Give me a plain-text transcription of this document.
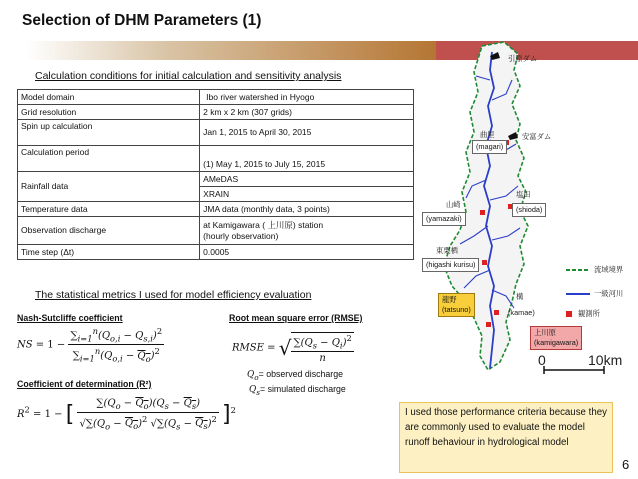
Selection of DHM Parameters (1)
Calculation conditions for initial calculation and sensitivity analysis
Model domain	Ibo river watershed in Hyogo
Grid resolution	2 km x 2 km (307 grids)
Spin up calculation	Jan 1, 2015 to April 30, 2015
Calculation period	(1) May 1, 2015 to July 15, 2015
Rainfall data	AMeDAS
	XRAIN
Temperature data	JMA data (monthly data, 3 points)
Observation discharge	at Kamigawara ( 上川原) station
(hourly observation)
Time step (Δt)	0.0005
The statistical metrics I used for model efficiency evaluation
Nash-Sutcliffe coefficient	Root mean square error (RMSE)
NS = $1 - \frac{\sum_{i=1}^n(Q_{o,i} - Q_{s,i})^2}{\sum_{i=1}^n(Q_{o,i} - Q_o)^2}$	RMSE = √ $\frac{\sum(Q_s - Q_i)^2}{n}$
Coefficient of determination (R²)
$R^2 = 1$ − [ $\frac{\sum(Q_o - Q_o)(Q_s - Q_s)}{√\sum(Q_o - Q_o)^2 √\sum(Q_s - Q_s)^2} ]^2$
$Q_o=$ observed discharge
$Q_s=$ simulated discharge
引原ダム
曲里
(magari)
安富ダム
塩田
(shioda)
山崎
(yamazaki)
東栗栖
(higashi kurisu)
龍野
(tatsuno)
構
(kamae)
上川原
(kamigawara)
流域境界
一級河川
観測所
0	10km
I used those performance criteria because they are commonly used to evaluate the model runoff behaviour in hydrological model
6
